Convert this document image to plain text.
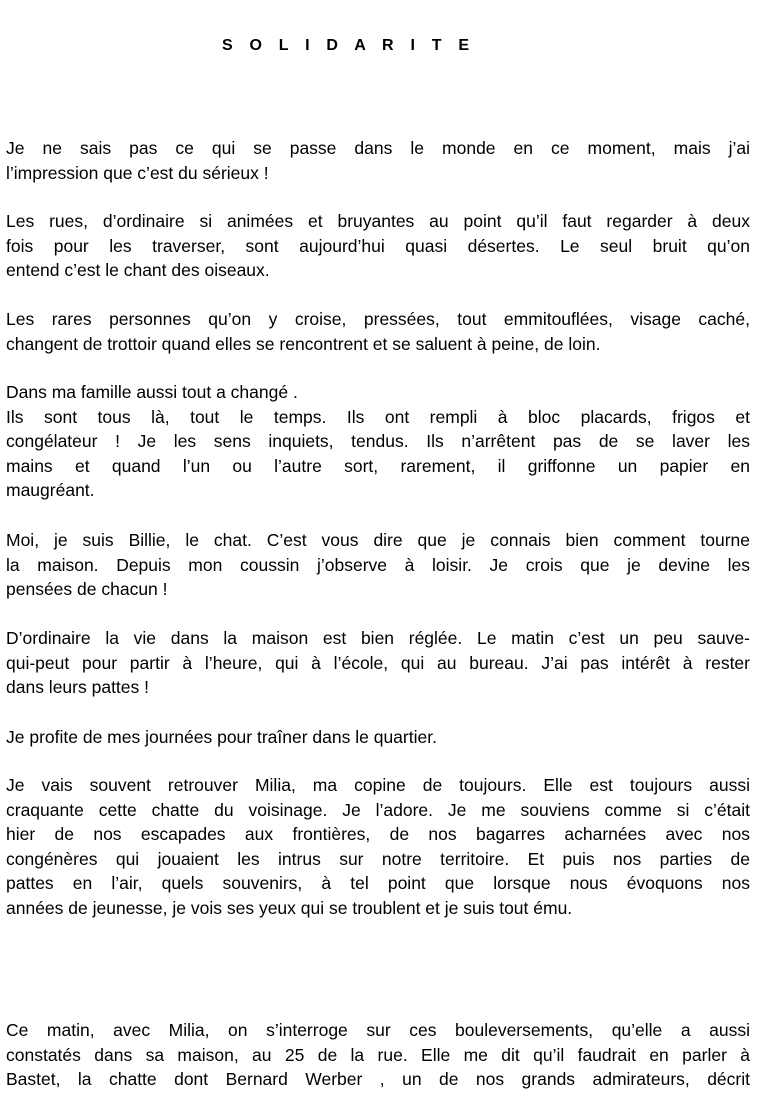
S O L I D A R I T E

Je ne sais pas ce qui se passe dans le monde en ce moment, mais j’ai
l’impression que c’est du sérieux !

Les rues, d’ordinaire si animées et bruyantes au point qu’il faut regarder à deux
fois pour les traverser, sont aujourd’hui quasi désertes. Le seul bruit qu’on
entend c’est le chant des oiseaux.

Les rares personnes qu’on y croise, pressées, tout emmitouflées, visage caché,
changent de trottoir quand elles se rencontrent et se saluent à peine, de loin.

Dans ma famille aussi tout a changé .
Ils sont tous là, tout le temps. Ils ont rempli à bloc placards, frigos et
congélateur ! Je les sens inquiets, tendus. Ils n’arrêtent pas de se laver les
mains et quand l’un ou l’autre sort, rarement, il griffonne un papier en
maugréant.

Moi, je suis Billie, le chat. C’est vous dire que je connais bien comment tourne
la maison. Depuis mon coussin j’observe à loisir. Je crois que je devine les
pensées de chacun !

D’ordinaire la vie dans la maison est bien réglée. Le matin c’est un peu sauve-
qui-peut pour partir à l’heure, qui à l’école, qui au bureau. J’ai pas intérêt à rester
dans leurs pattes !

Je profite de mes journées pour traîner dans le quartier.

Je vais souvent retrouver Milia, ma copine de toujours. Elle est toujours aussi
craquante cette chatte du voisinage. Je l’adore. Je me souviens comme si c’était
hier de nos escapades aux frontières, de nos bagarres acharnées avec nos
congénères qui jouaient les intrus sur notre territoire. Et puis nos parties de
pattes en l’air, quels souvenirs, à tel point que lorsque nous évoquons nos
années de jeunesse, je vois ses yeux qui se troublent et je suis tout ému.

Ce matin, avec Milia, on s’interroge sur ces bouleversements, qu’elle a aussi
constatés dans sa maison, au 25 de la rue. Elle me dit qu’il faudrait en parler à
Bastet, la chatte dont Bernard Werber , un de nos grands admirateurs, décrit
